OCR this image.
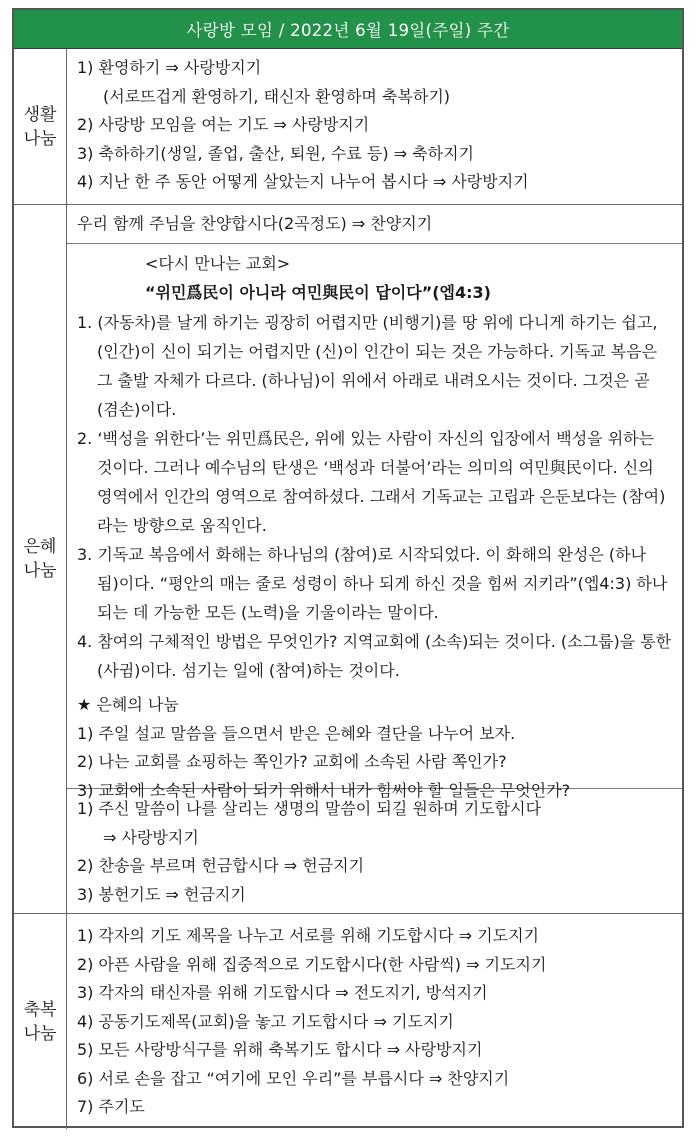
사랑방 모임 / 2022년 6월 19일(주일) 주간
생활
나눔
1) 환영하기 ⇒ 사랑방지기
(서로뜨겁게 환영하기, 태신자 환영하며 축복하기)
2) 사랑방 모임을 여는 기도 ⇒ 사랑방지기
3) 축하하기(생일, 졸업, 출산, 퇴원, 수료 등) ⇒ 축하지기
4) 지난 한 주 동안 어떻게 살았는지 나누어 봅시다 ⇒ 사랑방지기
은혜
나눔
우리 함께 주님을 찬양합시다(2곡정도) ⇒ 찬양지기
<다시 만나는 교회>
“위민爲民이 아니라 여민與民이 답이다”(엡4:3)
1. (자동차)를 날게 하기는 굉장히 어렵지만 (비행기)를 땅 위에 다니게 하기는 쉽고, (인간)이 신이 되기는 어렵지만 (신)이 인간이 되는 것은 가능하다. 기독교 복음은 그 출발 자체가 다르다. (하나님)이 위에서 아래로 내려오시는 것이다. 그것은 곧 (겸손)이다.
2. ‘백성을 위한다’는 위민爲民은, 위에 있는 사람이 자신의 입장에서 백성을 위하는 것이다. 그러나 예수님의 탄생은 ‘백성과 더불어’라는 의미의 여민與民이다. 신의 영역에서 인간의 영역으로 참여하셨다. 그래서 기독교는 고립과 은둔보다는 (참여)라는 방향으로 움직인다.
3. 기독교 복음에서 화해는 하나님의 (참여)로 시작되었다. 이 화해의 완성은 (하나 됨)이다. “평안의 매는 줄로 성령이 하나 되게 하신 것을 힘써 지키라”(엡4:3) 하나 되는 데 가능한 모든 (노력)을 기울이라는 말이다.
4. 참여의 구체적인 방법은 무엇인가? 지역교회에 (소속)되는 것이다. (소그룹)을 통한 (사귐)이다. 섬기는 일에 (참여)하는 것이다.
★ 은혜의 나눔
1) 주일 설교 말씀을 들으면서 받은 은혜와 결단을 나누어 보자.
2) 나는 교회를 쇼핑하는 쪽인가? 교회에 소속된 사람 쪽인가?
3) 교회에 소속된 사람이 되기 위해서 내가 힘써야 할 일들은 무엇인가?
1) 주신 말씀이 나를 살리는 생명의 말씀이 되길 원하며 기도합시다
⇒ 사랑방지기
2) 찬송을 부르며 헌금합시다 ⇒ 헌금지기
3) 봉헌기도 ⇒ 헌금지기
축복
나눔
1) 각자의 기도 제목을 나누고 서로를 위해 기도합시다 ⇒ 기도지기
2) 아픈 사람을 위해 집중적으로 기도합시다(한 사람씩) ⇒ 기도지기
3) 각자의 태신자를 위해 기도합시다 ⇒ 전도지기, 방석지기
4) 공동기도제목(교회)을 놓고 기도합시다 ⇒ 기도지기
5) 모든 사랑방식구를 위해 축복기도 합시다 ⇒ 사랑방지기
6) 서로 손을 잡고 “여기에 모인 우리”를 부릅시다 ⇒ 찬양지기
7) 주기도
